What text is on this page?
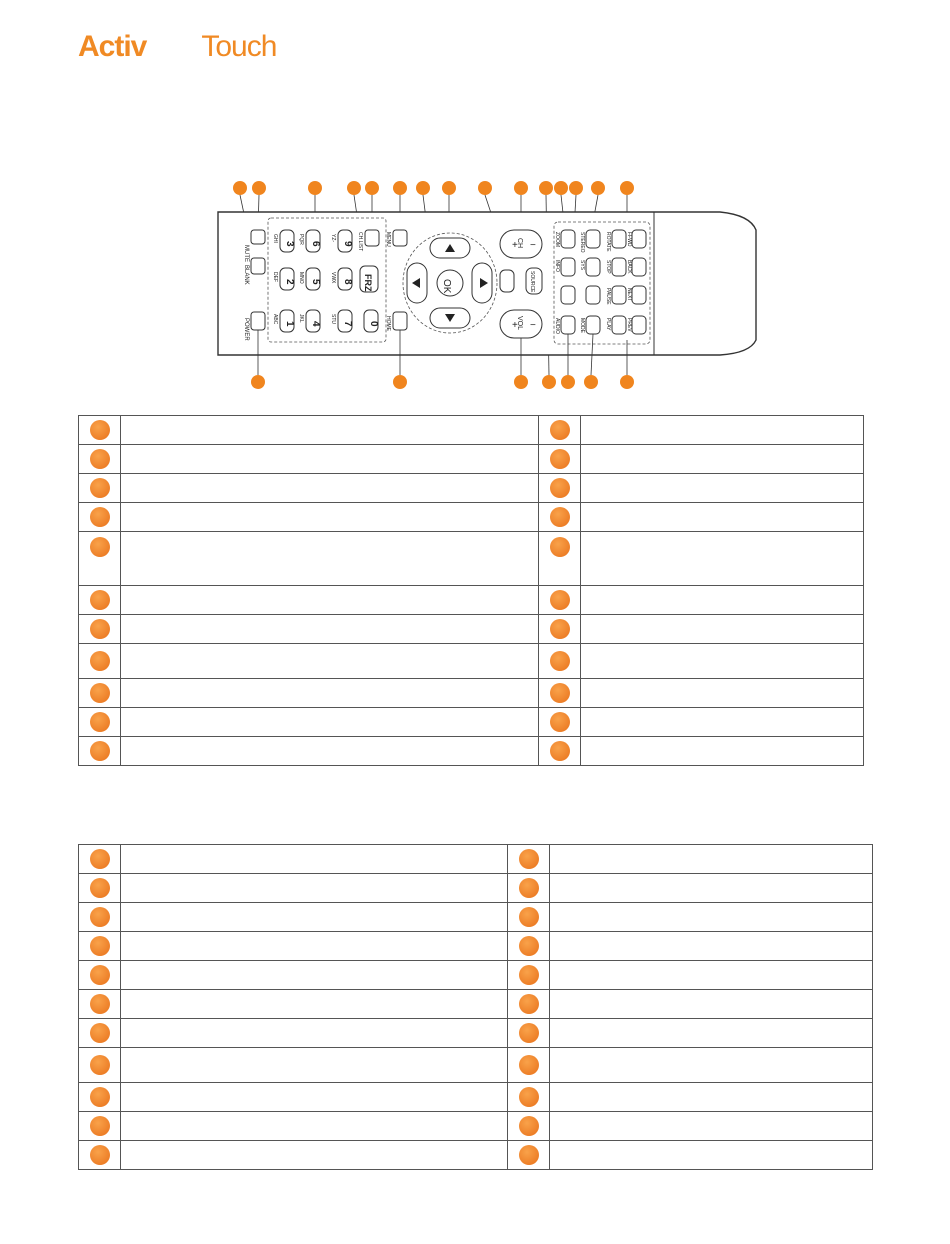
Activ Touch
MUTE
BLANK
POWER
3 6 9
2 5 8
1 4 7 0
FRZ
GHI	PQR	YZ-
DEF	MNO	VWX
ABC	JKL	STU
CH.LIST	MENU
HOME
OK
+ −
CH
+ −
VOL
SOURCE
ZOOM	STEREO	ROTATE
INFO	SYS	STOP
FFWD
BACK
AUDIO	MODE
PAUSE	NEXT
PLAY	PREV
